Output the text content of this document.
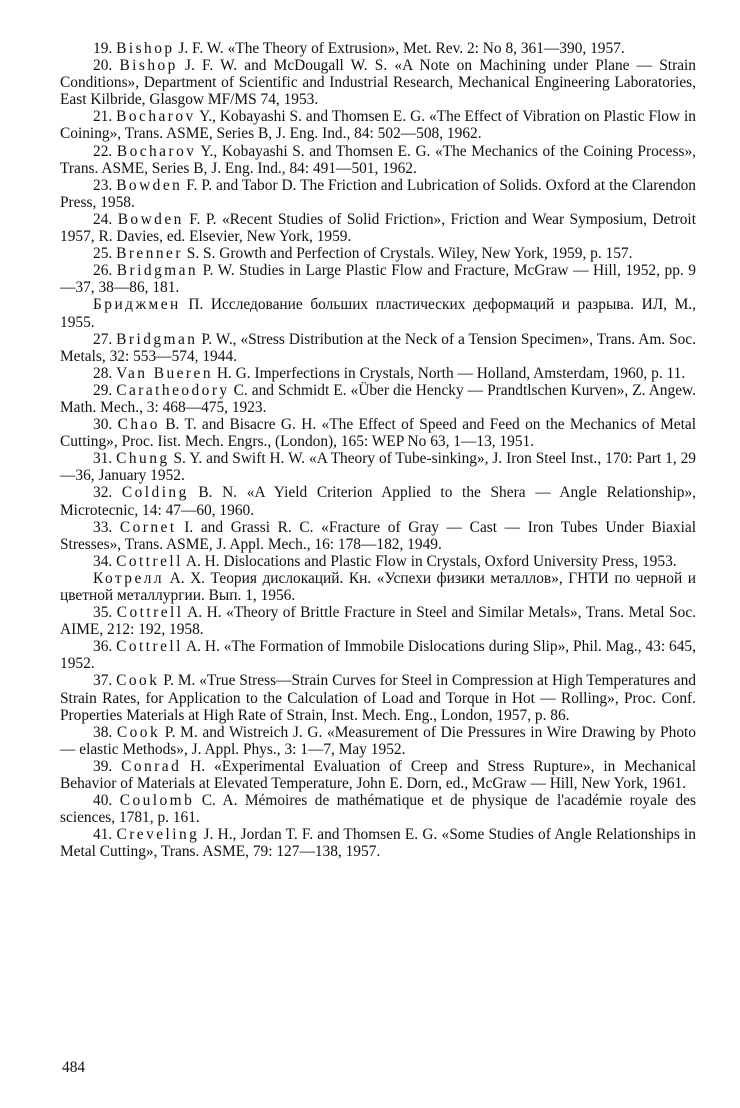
19. Bishop J. F. W. «The Theory of Extrusion», Met. Rev. 2: No 8, 361—390, 1957.

20. Bishop J. F. W. and McDougall W. S. «A Note on Machining under Plane — Strain Conditions», Department of Scientific and Industrial Research, Mechanical Engineering Laboratories, East Kilbride, Glasgow MF/MS 74, 1953.

21. Bocharov Y., Kobayashi S. and Thomsen E. G. «The Effect of Vibration on Plastic Flow in Coining», Trans. ASME, Series B, J. Eng. Ind., 84: 502—508, 1962.

22. Bocharov Y., Kobayashi S. and Thomsen E. G. «The Mechanics of the Coining Process», Trans. ASME, Series B, J. Eng. Ind., 84: 491—501, 1962.

23. Bowden F. P. and Tabor D. The Friction and Lubrication of Solids. Oxford at the Clarendon Press, 1958.

24. Bowden F. P. «Recent Studies of Solid Friction», Friction and Wear Symposium, Detroit 1957, R. Davies, ed. Elsevier, New York, 1959.

25. Brenner S. S. Growth and Perfection of Crystals. Wiley, New York, 1959, p. 157.

26. Bridgman P. W. Studies in Large Plastic Flow and Fracture, McGraw — Hill, 1952, pp. 9—37, 38—86, 181.

Бриджмен П. Исследование больших пластических деформаций и разрыва. ИЛ, М., 1955.

27. Bridgman P. W., «Stress Distribution at the Neck of a Tension Specimen», Trans. Am. Soc. Metals, 32: 553—574, 1944.

28. Van Bueren H. G. Imperfections in Crystals, North — Holland, Amsterdam, 1960, p. 11.

29. Caratheodory C. and Schmidt E. «Über die Hencky — Prandtlschen Kurven», Z. Angew. Math. Mech., 3: 468—475, 1923.

30. Chao B. T. and Bisacre G. H. «The Effect of Speed and Feed on the Mechanics of Metal Cutting», Proc. Iist. Mech. Engrs., (London), 165: WEP No 63, 1—13, 1951.

31. Chung S. Y. and Swift H. W. «A Theory of Tube-sinking», J. Iron Steel Inst., 170: Part 1, 29—36, January 1952.

32. Colding B. N. «A Yield Criterion Applied to the Shera — Angle Relationship», Microtecnic, 14: 47—60, 1960.

33. Cornet I. and Grassi R. C. «Fracture of Gray — Cast — Iron Tubes Under Biaxial Stresses», Trans. ASME, J. Appl. Mech., 16: 178—182, 1949.

34. Cottrell A. H. Dislocations and Plastic Flow in Crystals, Oxford University Press, 1953.

Котрелл А. Х. Теория дислокаций. Кн. «Успехи физики металлов», ГНТИ по черной и цветной металлургии. Вып. 1, 1956.

35. Cottrell A. H. «Theory of Brittle Fracture in Steel and Similar Metals», Trans. Metal Soc. AIME, 212: 192, 1958.

36. Cottrell A. H. «The Formation of Immobile Dislocations during Slip», Phil. Mag., 43: 645, 1952.

37. Cook P. M. «True Stress—Strain Curves for Steel in Compression at High Temperatures and Strain Rates, for Application to the Calculation of Load and Torque in Hot — Rolling», Proc. Conf. Properties Materials at High Rate of Strain, Inst. Mech. Eng., London, 1957, p. 86.

38. Cook P. M. and Wistreich J. G. «Measurement of Die Pressures in Wire Drawing by Photo — elastic Methods», J. Appl. Phys., 3: 1—7, May 1952.

39. Conrad H. «Experimental Evaluation of Creep and Stress Rupture», in Mechanical Behavior of Materials at Elevated Temperature, John E. Dorn, ed., McGraw — Hill, New York, 1961.

40. Coulomb C. A. Mémoires de mathématique et de physique de l'académie royale des sciences, 1781, p. 161.

41. Creveling J. H., Jordan T. F. and Thomsen E. G. «Some Studies of Angle Relationships in Metal Cutting», Trans. ASME, 79: 127—138, 1957.

484
